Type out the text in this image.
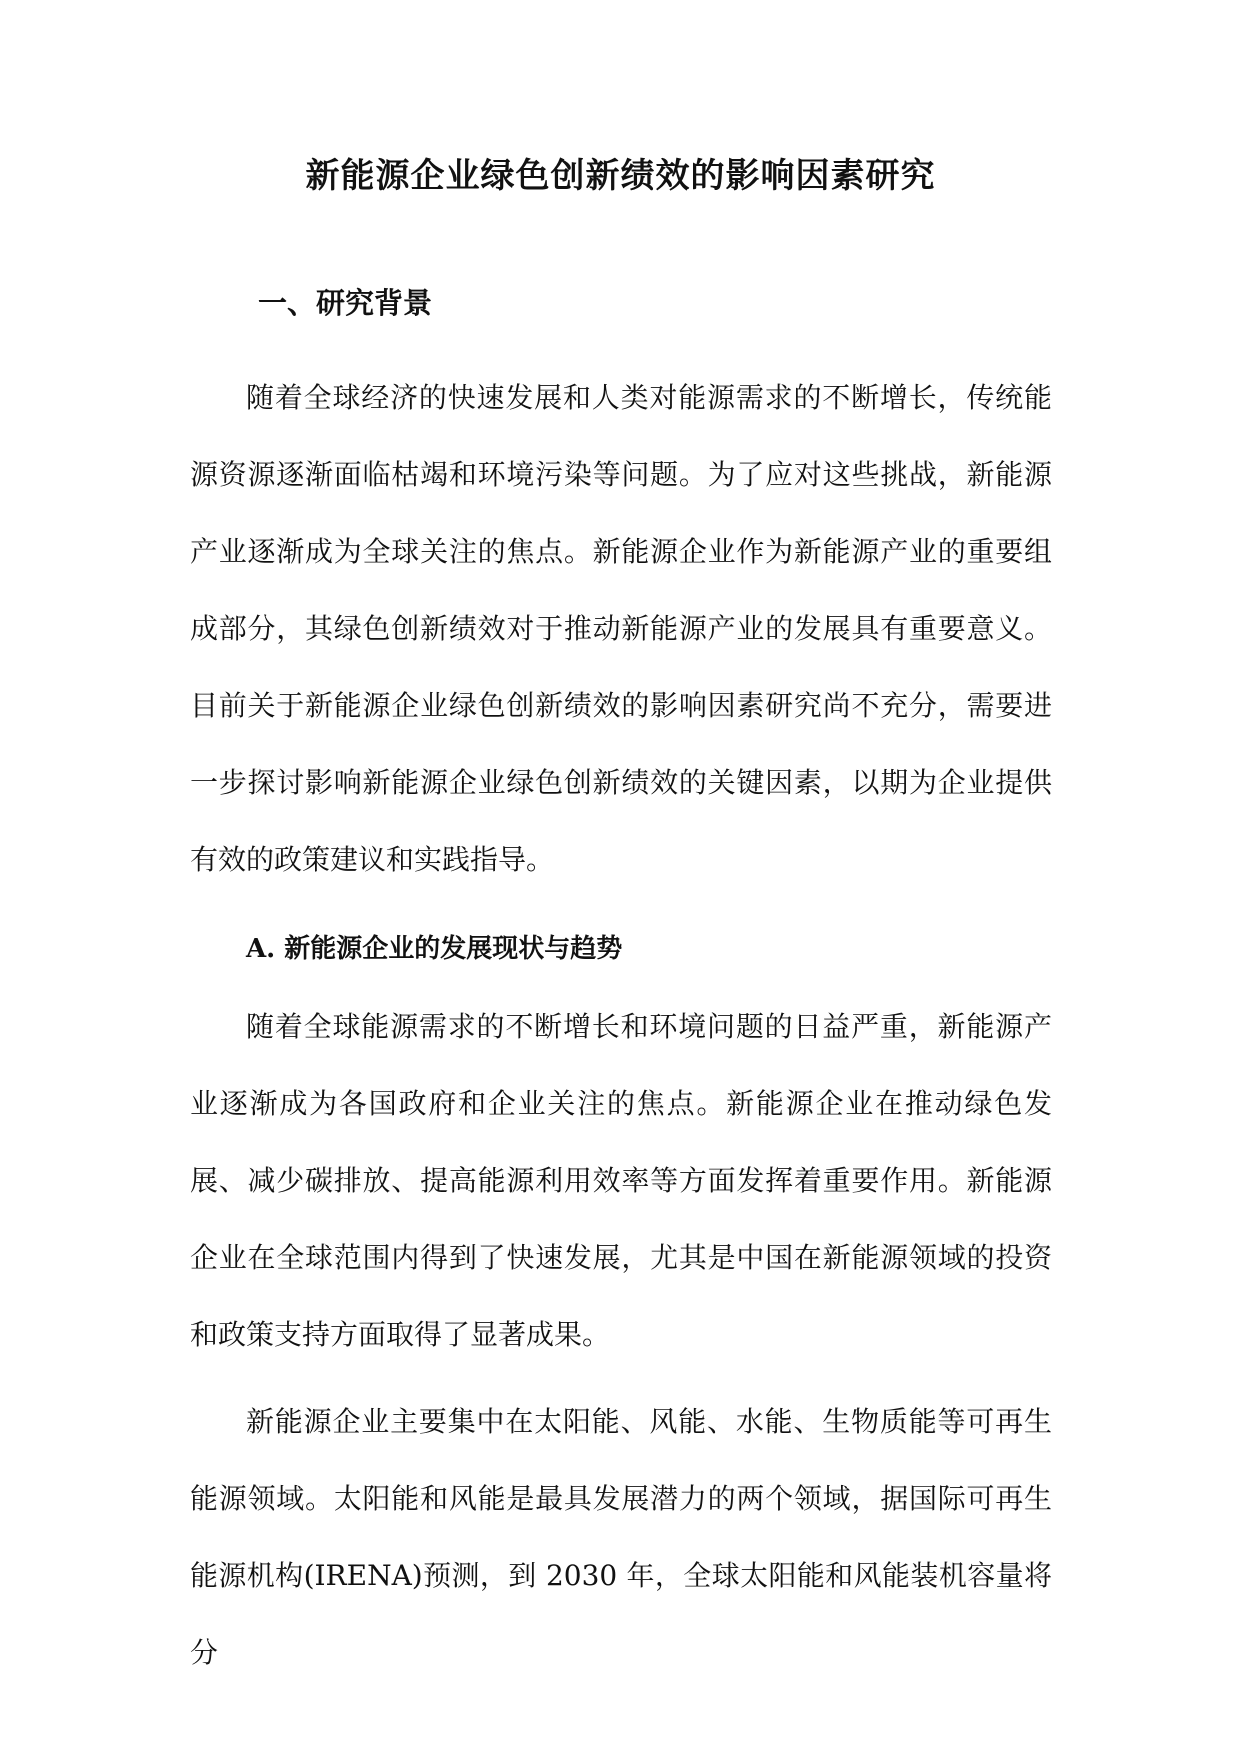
新能源企业绿色创新绩效的影响因素研究
一、研究背景

随着全球经济的快速发展和人类对能源需求的不断增长，传统能源资源逐渐面临枯竭和环境污染等问题。为了应对这些挑战，新能源产业逐渐成为全球关注的焦点。新能源企业作为新能源产业的重要组成部分，其绿色创新绩效对于推动新能源产业的发展具有重要意义。目前关于新能源企业绿色创新绩效的影响因素研究尚不充分，需要进一步探讨影响新能源企业绿色创新绩效的关键因素，以期为企业提供有效的政策建议和实践指导。

A. 新能源企业的发展现状与趋势

随着全球能源需求的不断增长和环境问题的日益严重，新能源产业逐渐成为各国政府和企业关注的焦点。新能源企业在推动绿色发展、减少碳排放、提高能源利用效率等方面发挥着重要作用。新能源企业在全球范围内得到了快速发展，尤其是中国在新能源领域的投资和政策支持方面取得了显著成果。

新能源企业主要集中在太阳能、风能、水能、生物质能等可再生能源领域。太阳能和风能是最具发展潜力的两个领域，据国际可再生能源机构(IRENA)预测，到 2030 年，全球太阳能和风能装机容量将分
